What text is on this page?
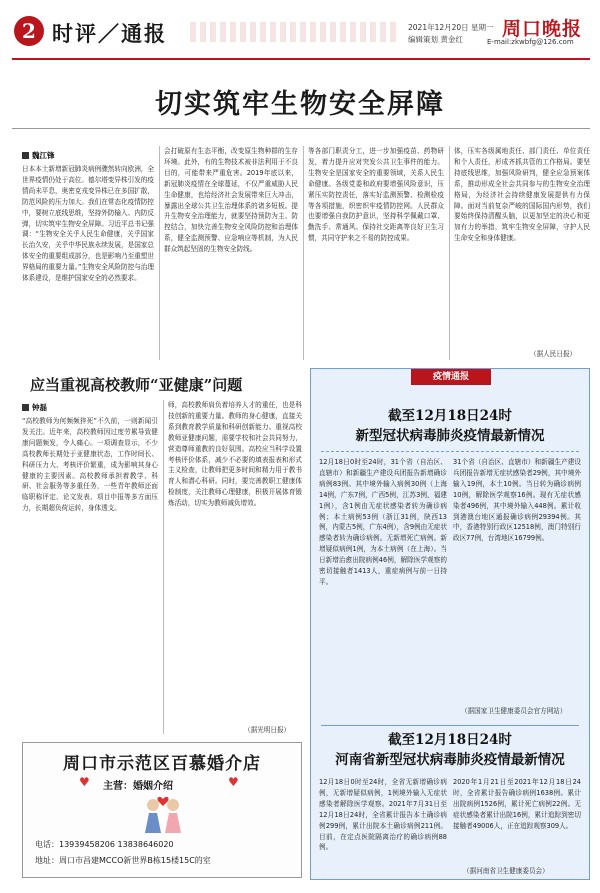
2 时评／通报	2021年12月20日 星期一
编辑策划 黄金红	周口晚报
E-mail:zkwbfg@126.com
切实筑牢生物安全屏障
魏江锋
日本本土新增新冠肺炎病例骤然转向欧洲，全世界疫情仍处于高位。德尔塔变异株引发的疫情尚未平息，奥密克戎变异株已在多国扩散，防范风险的压力加大。我们在常态化疫情防控中，要树立底线思维，坚持外防输入、内防反弹，切实筑牢生物安全屏障。习近平总书记强调：“生物安全关乎人民生命健康，关乎国家长治久安，关乎中华民族永续发展，是国家总体安全的重要组成部分，也是影响乃至重塑世界格局的重要力量。”生物安全风险防控与治理体系建设，是维护国家安全的必然要求。
会打破原有生态平衡，改变原生物种群的生存环境。此外，有的生物技术被非法利用于不良目的，可能带来严重危害。2019年底以来，新冠肺炎疫情在全球蔓延，不仅严重威胁人民生命健康，也给经济社会发展带来巨大冲击，暴露出全球公共卫生治理体系的诸多短板。提升生物安全治理能力，就要坚持预防为主、防控结合，加快完善生物安全风险防控和治理体系，健全监测预警、应急响应等机制，为人民群众筑起坚固的生物安全防线。
等各部门职责分工，进一步加强疫苗、药物研发，着力提升应对突发公共卫生事件的能力。生物安全是国家安全的重要领域，关系人民生命健康。各级党委和政府要增强风险意识，压紧压实防控责任，落实好监测预警、检测检疫等各项措施，织密织牢疫情防控网。人民群众也要增强自我防护意识，坚持科学佩戴口罩、勤洗手、常通风、保持社交距离等良好卫生习惯，共同守护来之不易的防控成果。
体，压实各级属地责任、部门责任、单位责任和个人责任，形成齐抓共管的工作格局。要坚持底线思维，加强风险研判，健全应急预案体系，推动形成全社会共同参与的生物安全治理格局，为经济社会持续健康发展提供有力保障。面对当前复杂严峻的国际国内形势，我们要始终保持清醒头脑，以更加坚定的决心和更加有力的举措，筑牢生物安全屏障，守护人民生命安全和身体健康。
（据人民日报）
应当重视高校教师“亚健康”问题
钟磊
“高校教师为何频频猝死”不久前，一则新闻引发关注。近年来，高校教师因过度劳累导致健康问题频发，令人痛心。一项调查显示，不少高校教师长期处于亚健康状态，工作时间长、科研压力大、考核评价繁重，成为影响其身心健康的主要因素。高校教师承担着教学、科研、社会服务等多重任务，一些青年教师还面临职称评定、论文发表、项目申报等多方面压力，长期超负荷运转，身体透支。
师，高校教师肩负着培养人才的重任，也是科技创新的重要力量。教师的身心健康，直接关系到教育教学质量和科研创新能力。重视高校教师亚健康问题，需要学校和社会共同努力，营造尊师重教的良好氛围。高校应当科学设置考核评价体系，减少不必要的填表报表和形式主义检查，让教师把更多时间和精力用于教书育人和潜心科研。同时，要完善教职工健康体检制度，关注教师心理健康，积极开展体育锻炼活动，切实为教师减负增效。
（据光明日报）
疫情通报
截至12月18日24时
新型冠状病毒肺炎疫情最新情况
12月18日0时至24时，31个省（自治区、直辖市）和新疆生产建设兵团报告新增确诊病例83例。其中境外输入病例30例（上海14例，广东7例，广西5例，江苏3例，福建1例），含1例由无症状感染者转为确诊病例；本土病例53例（浙江31例，陕西13例，内蒙古5例，广东4例），含9例由无症状感染者转为确诊病例。无新增死亡病例。新增疑似病例1例，为本土病例（在上海）。当日新增治愈出院病例46例，解除医学观察的密切接触者1413人，重症病例与前一日持平。
31个省（自治区、直辖市）和新疆生产建设兵团报告新增无症状感染者29例，其中境外输入19例，本土10例。当日转为确诊病例10例，解除医学观察16例。现有无症状感染者496例，其中境外输入448例。累计收到港澳台地区通报确诊病例29394例。其中，香港特别行政区12518例，澳门特别行政区77例，台湾地区16799例。
（据国家卫生健康委员会官方网站）
截至12月18日24时
河南省新型冠状病毒肺炎疫情最新情况
12月18日0时至24时，全省无新增确诊病例，无新增疑似病例，1例境外输入无症状感染者解除医学观察。2021年7月31日至12月18日24时，全省累计报告本土确诊病例299例，累计出院本土确诊病例211例。目前，在定点医院隔离治疗的确诊病例88例。
2020年1月21日至2021年12月18日24时，全省累计报告确诊病例1638例。累计出院病例1526例，累计死亡病例22例。无症状感染者累计出院16例，累计追踪到密切接触者49006人，正在追踪观察309人。
（据河南省卫生健康委员会）
周口市示范区百慕婚介店
♥ 主营：婚姻介绍	♥
电话：13939458206 13838646020
地址：周口市昌建MCCO新世界B栋15楼15C的室
